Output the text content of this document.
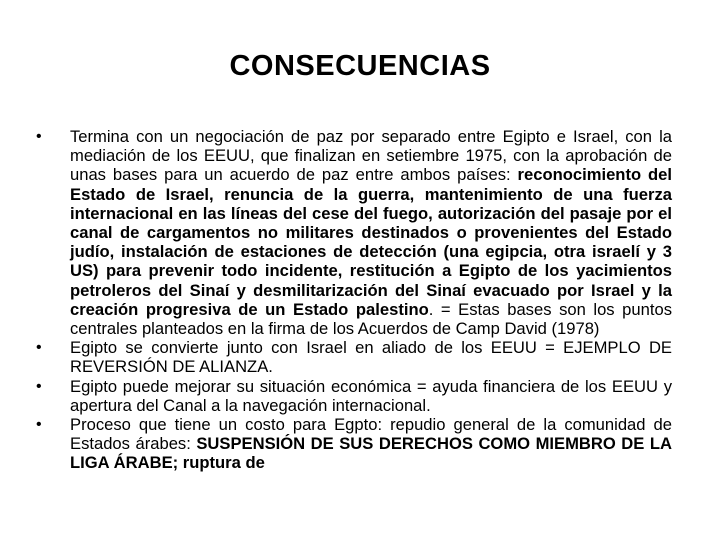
CONSECUENCIAS
•	Termina con un negociación de paz por separado entre Egipto e Israel, con la mediación de los EEUU, que finalizan en setiembre 1975, con la aprobación de unas bases para un acuerdo de paz entre ambos países: reconocimiento del Estado de Israel, renuncia de la guerra, mantenimiento de una fuerza internacional en las líneas del cese del fuego, autorización del pasaje por el canal de cargamentos no militares destinados o provenientes del Estado judío, instalación de estaciones de detección (una egipcia, otra israelí y 3 US) para prevenir todo incidente, restitución a Egipto de los yacimientos petroleros del Sinaí y desmilitarización del Sinaí evacuado por Israel y la creación progresiva de un Estado palestino. = Estas bases son los puntos centrales planteados en la firma de los Acuerdos de Camp David (1978)
•	Egipto se convierte junto con Israel en aliado de los EEUU = EJEMPLO DE REVERSIÓN DE ALIANZA.
•	Egipto puede mejorar su situación económica = ayuda financiera de los EEUU y apertura del Canal a la navegación internacional.
•	Proceso que tiene un costo para Egpto: repudio general de la comunidad de Estados árabes: SUSPENSIÓN DE SUS DERECHOS COMO MIEMBRO DE LA LIGA ÁRABE; ruptura de
